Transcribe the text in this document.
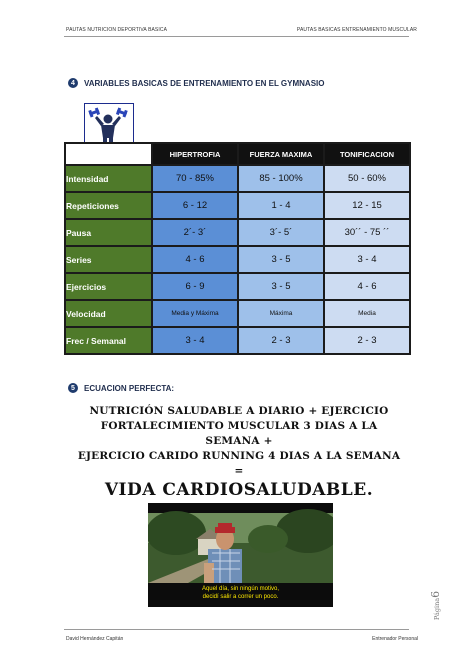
PAUTAS NUTRICION DEPORTIVA BASICA	PAUTAS BASICAS ENTRENAMIENTO MUSCULAR
4	VARIABLES BASICAS DE ENTRENAMIENTO EN EL GYMNASIO
	HIPERTROFIA	FUERZA MAXIMA	TONIFICACION
Intensidad	70 - 85%	85 - 100%	50 - 60%
Repeticiones	6 - 12	1 - 4	12 - 15
Pausa	2´- 3´	3´- 5´	30´´ - 75 ´´
Series	4 - 6	3 - 5	3 - 4
Ejercicios	6 - 9	3 - 5	4 - 6
Velocidad	Media y Máxima	Máxima	Media
Frec / Semanal	3 - 4	2 - 3	2 - 3
5	ECUACION PERFECTA:
NUTRICIÓN SALUDABLE A DIARIO + EJERCICIO
FORTALECIMIENTO MUSCULAR 3 DIAS A LA SEMANA +
EJERCICIO CARIDO RUNNING 4 DIAS A LA SEMANA =
VIDA CARDIOSALUDABLE.
Aquel día, sin ningún motivo,
decidí salir a correr un poco.
Página6
David Hernández Capitán	Entrenador Personal
